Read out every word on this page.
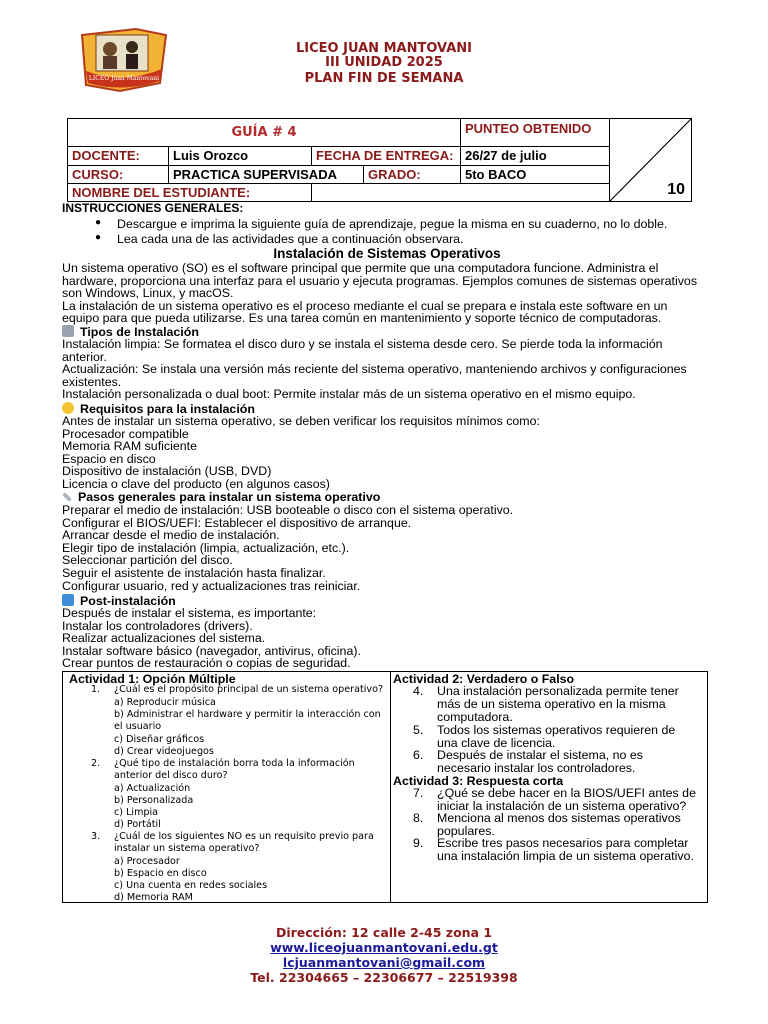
LICEO Juan Mantovani
LICEO JUAN MANTOVANI
III UNIDAD 2025
PLAN FIN DE SEMANA
GUÍA # 4				PUNTEO OBTENIDO	10

DOCENTE:	Luis Orozco	FECHA DE ENTREGA:		26/27 de julio	
CURSO:	PRACTICA SUPERVISADA		GRADO:	5to BACO	
NOMBRE DEL ESTUDIANTE:					
INSTRUCCIONES GENERALES:
● Descargue e imprima la siguiente guía de aprendizaje, pegue la misma en su cuaderno, no lo doble.
● Lea cada una de las actividades que a continuación observara.
Instalación de Sistemas Operativos
Un sistema operativo (SO) es el software principal que permite que una computadora funcione. Administra el
hardware, proporciona una interfaz para el usuario y ejecuta programas. Ejemplos comunes de sistemas operativos
son Windows, Linux, y macOS.
La instalación de un sistema operativo es el proceso mediante el cual se prepara e instala este software en un
equipo para que pueda utilizarse. Es una tarea común en mantenimiento y soporte técnico de computadoras.
Tipos de Instalación
Instalación limpia: Se formatea el disco duro y se instala el sistema desde cero. Se pierde toda la información
anterior.
Actualización: Se instala una versión más reciente del sistema operativo, manteniendo archivos y configuraciones
existentes.
Instalación personalizada o dual boot: Permite instalar más de un sistema operativo en el mismo equipo.
Requisitos para la instalación
Antes de instalar un sistema operativo, se deben verificar los requisitos mínimos como:
Procesador compatible
Memoria RAM suficiente
Espacio en disco
Dispositivo de instalación (USB, DVD)
Licencia o clave del producto (en algunos casos)
Pasos generales para instalar un sistema operativo
Preparar el medio de instalación: USB booteable o disco con el sistema operativo.
Configurar el BIOS/UEFI: Establecer el dispositivo de arranque.
Arrancar desde el medio de instalación.
Elegir tipo de instalación (limpia, actualización, etc.).
Seleccionar partición del disco.
Seguir el asistente de instalación hasta finalizar.
Configurar usuario, red y actualizaciones tras reiniciar.
Post-instalación
Después de instalar el sistema, es importante:
Instalar los controladores (drivers).
Realizar actualizaciones del sistema.
Instalar software básico (navegador, antivirus, oficina).
Crear puntos de restauración o copias de seguridad.
Actividad 1: Opción Múltiple
1. ¿Cuál es el propósito principal de un sistema operativo?
a) Reproducir música
b) Administrar el hardware y permitir la interacción con
el usuario
c) Diseñar gráficos
d) Crear videojuegos
2. ¿Qué tipo de instalación borra toda la información
anterior del disco duro?
a) Actualización
b) Personalizada
c) Limpia
d) Portátil
3. ¿Cuál de los siguientes NO es un requisito previo para
instalar un sistema operativo?
a) Procesador
b) Espacio en disco
c) Una cuenta en redes sociales
d) Memoria RAM
Actividad 2: Verdadero o Falso
4. Una instalación personalizada permite tener
más de un sistema operativo en la misma
computadora.
5. Todos los sistemas operativos requieren de
una clave de licencia.
6. Después de instalar el sistema, no es
necesario instalar los controladores.
Actividad 3: Respuesta corta
7. ¿Qué se debe hacer en la BIOS/UEFI antes de
iniciar la instalación de un sistema operativo?
8. Menciona al menos dos sistemas operativos
populares.
9. Escribe tres pasos necesarios para completar
una instalación limpia de un sistema operativo.
Dirección: 12 calle 2-45 zona 1
www.liceojuanmantovani.edu.gt
lcjuanmantovani@gmail.com
Tel. 22304665 – 22306677 – 22519398
